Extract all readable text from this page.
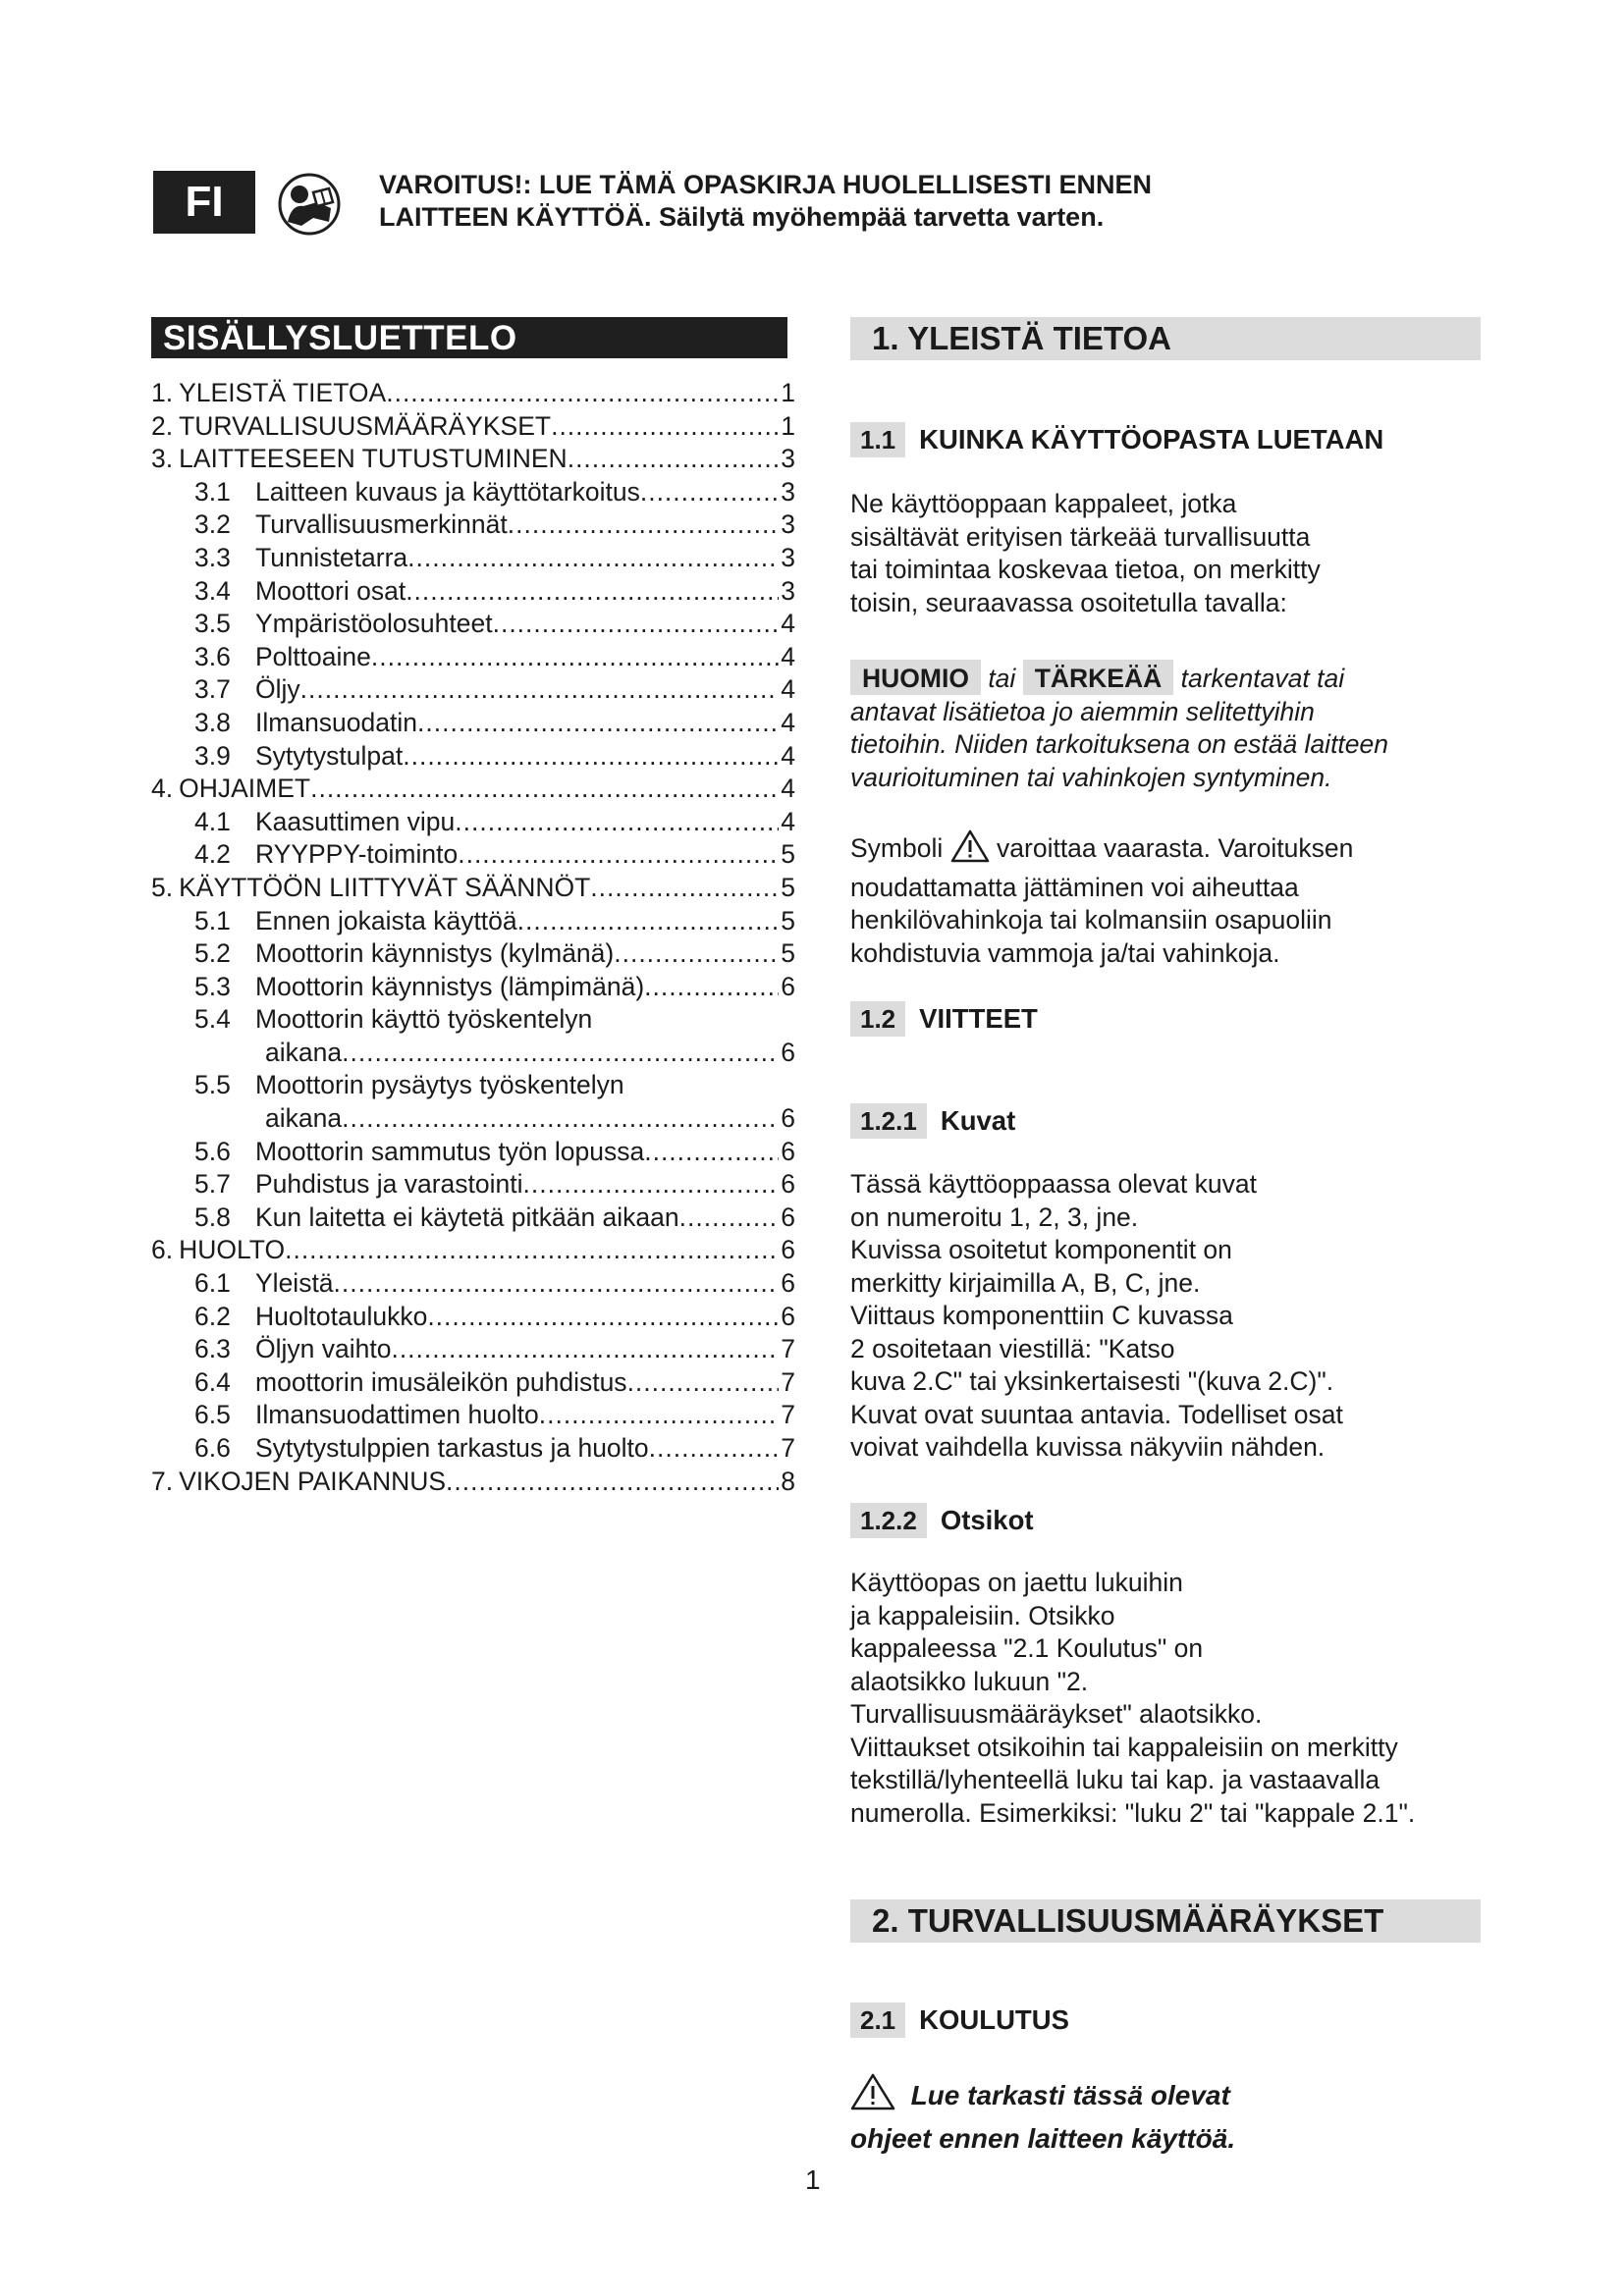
FI	VAROITUS!: LUE TÄMÄ OPASKIRJA HUOLELLISESTI ENNEN
LAITTEEN KÄYTTÖÄ. Säilytä myöhempää tarvetta varten.
SISÄLLYSLUETTELO
1. YLEISTÄ TIETOA .....	1
2. TURVALLISUUSMÄÄRÄYKSET .....	1
3. LAITTEESEEN TUTUSTUMINEN .....	3
3.1 Laitteen kuvaus ja käyttötarkoitus .....	3
3.2 Turvallisuusmerkinnät .....	3
3.3 Tunnistetarra .....	3
3.4 Moottori osat .....	3
3.5 Ympäristöolosuhteet .....	4
3.6 Polttoaine .....	4
3.7 Öljy .....	4
3.8 Ilmansuodatin .....	4
3.9 Sytytystulpat .....	4
4. OHJAIMET .....	4
4.1 Kaasuttimen vipu .....	4
4.2 RYYPPY-toiminto .....	5
5. KÄYTTÖÖN LIITTYVÄT SÄÄNNÖT .....	5
5.1 Ennen jokaista käyttöä .....	5
5.2 Moottorin käynnistys (kylmänä) .....	5
5.3 Moottorin käynnistys (lämpimänä) .....	6
5.4 Moottorin käyttö työskentelyn
aikana .....	6
5.5 Moottorin pysäytys työskentelyn
aikana .....	6
5.6 Moottorin sammutus työn lopussa .....	6
5.7 Puhdistus ja varastointi .....	6
5.8 Kun laitetta ei käytetä pitkään aikaan .....	6
6. HUOLTO .....	6
6.1 Yleistä .....	6
6.2 Huoltotaulukko .....	6
6.3 Öljyn vaihto .....	7
6.4 moottorin imusäleikön puhdistus .....	7
6.5 Ilmansuodattimen huolto .....	7
6.6 Sytytystulppien tarkastus ja huolto .....	7
7. VIKOJEN PAIKANNUS .....	8
1. YLEISTÄ TIETOA
1.1 KUINKA KÄYTTÖOPASTA LUETAAN

Ne käyttöoppaan kappaleet, jotka

sisältävät erityisen tärkeää turvallisuutta

tai toimintaa koskevaa tietoa, on merkitty

toisin, seuraavassa osoitetulla tavalla:

HUOMIO tai TÄRKEÄÄ tarkentavat tai

antavat lisätietoa jo aiemmin selitettyihin

tietoihin. Niiden tarkoituksena on estää laitteen

vaurioituminen tai vahinkojen syntyminen.

Symboli varoittaa vaarasta. Varoituksen

noudattamatta jättäminen voi aiheuttaa

henkilövahinkoja tai kolmansiin osapuoliin

kohdistuvia vammoja ja/tai vahinkoja.

1.2 VIITTEET
1.2.1 Kuvat

Tässä käyttöoppaassa olevat kuvat

on numeroitu 1, 2, 3, jne.

Kuvissa osoitetut komponentit on

merkitty kirjaimilla A, B, C, jne.

Viittaus komponenttiin C kuvassa

2 osoitetaan viestillä: "Katso

kuva 2.C" tai yksinkertaisesti "(kuva 2.C)".

Kuvat ovat suuntaa antavia. Todelliset osat

voivat vaihdella kuvissa näkyviin nähden.

1.2.2 Otsikot

Käyttöopas on jaettu lukuihin

ja kappaleisiin. Otsikko

kappaleessa "2.1 Koulutus" on

alaotsikko lukuun "2.

Turvallisuusmääräykset" alaotsikko.

Viittaukset otsikoihin tai kappaleisiin on merkitty

tekstillä/lyhenteellä luku tai kap. ja vastaavalla

numerolla. Esimerkiksi: "luku 2" tai "kappale 2.1".

2. TURVALLISUUSMÄÄRÄYKSET
2.1 KOULUTUS

Lue tarkasti tässä olevat

ohjeet ennen laitteen käyttöä.

1
